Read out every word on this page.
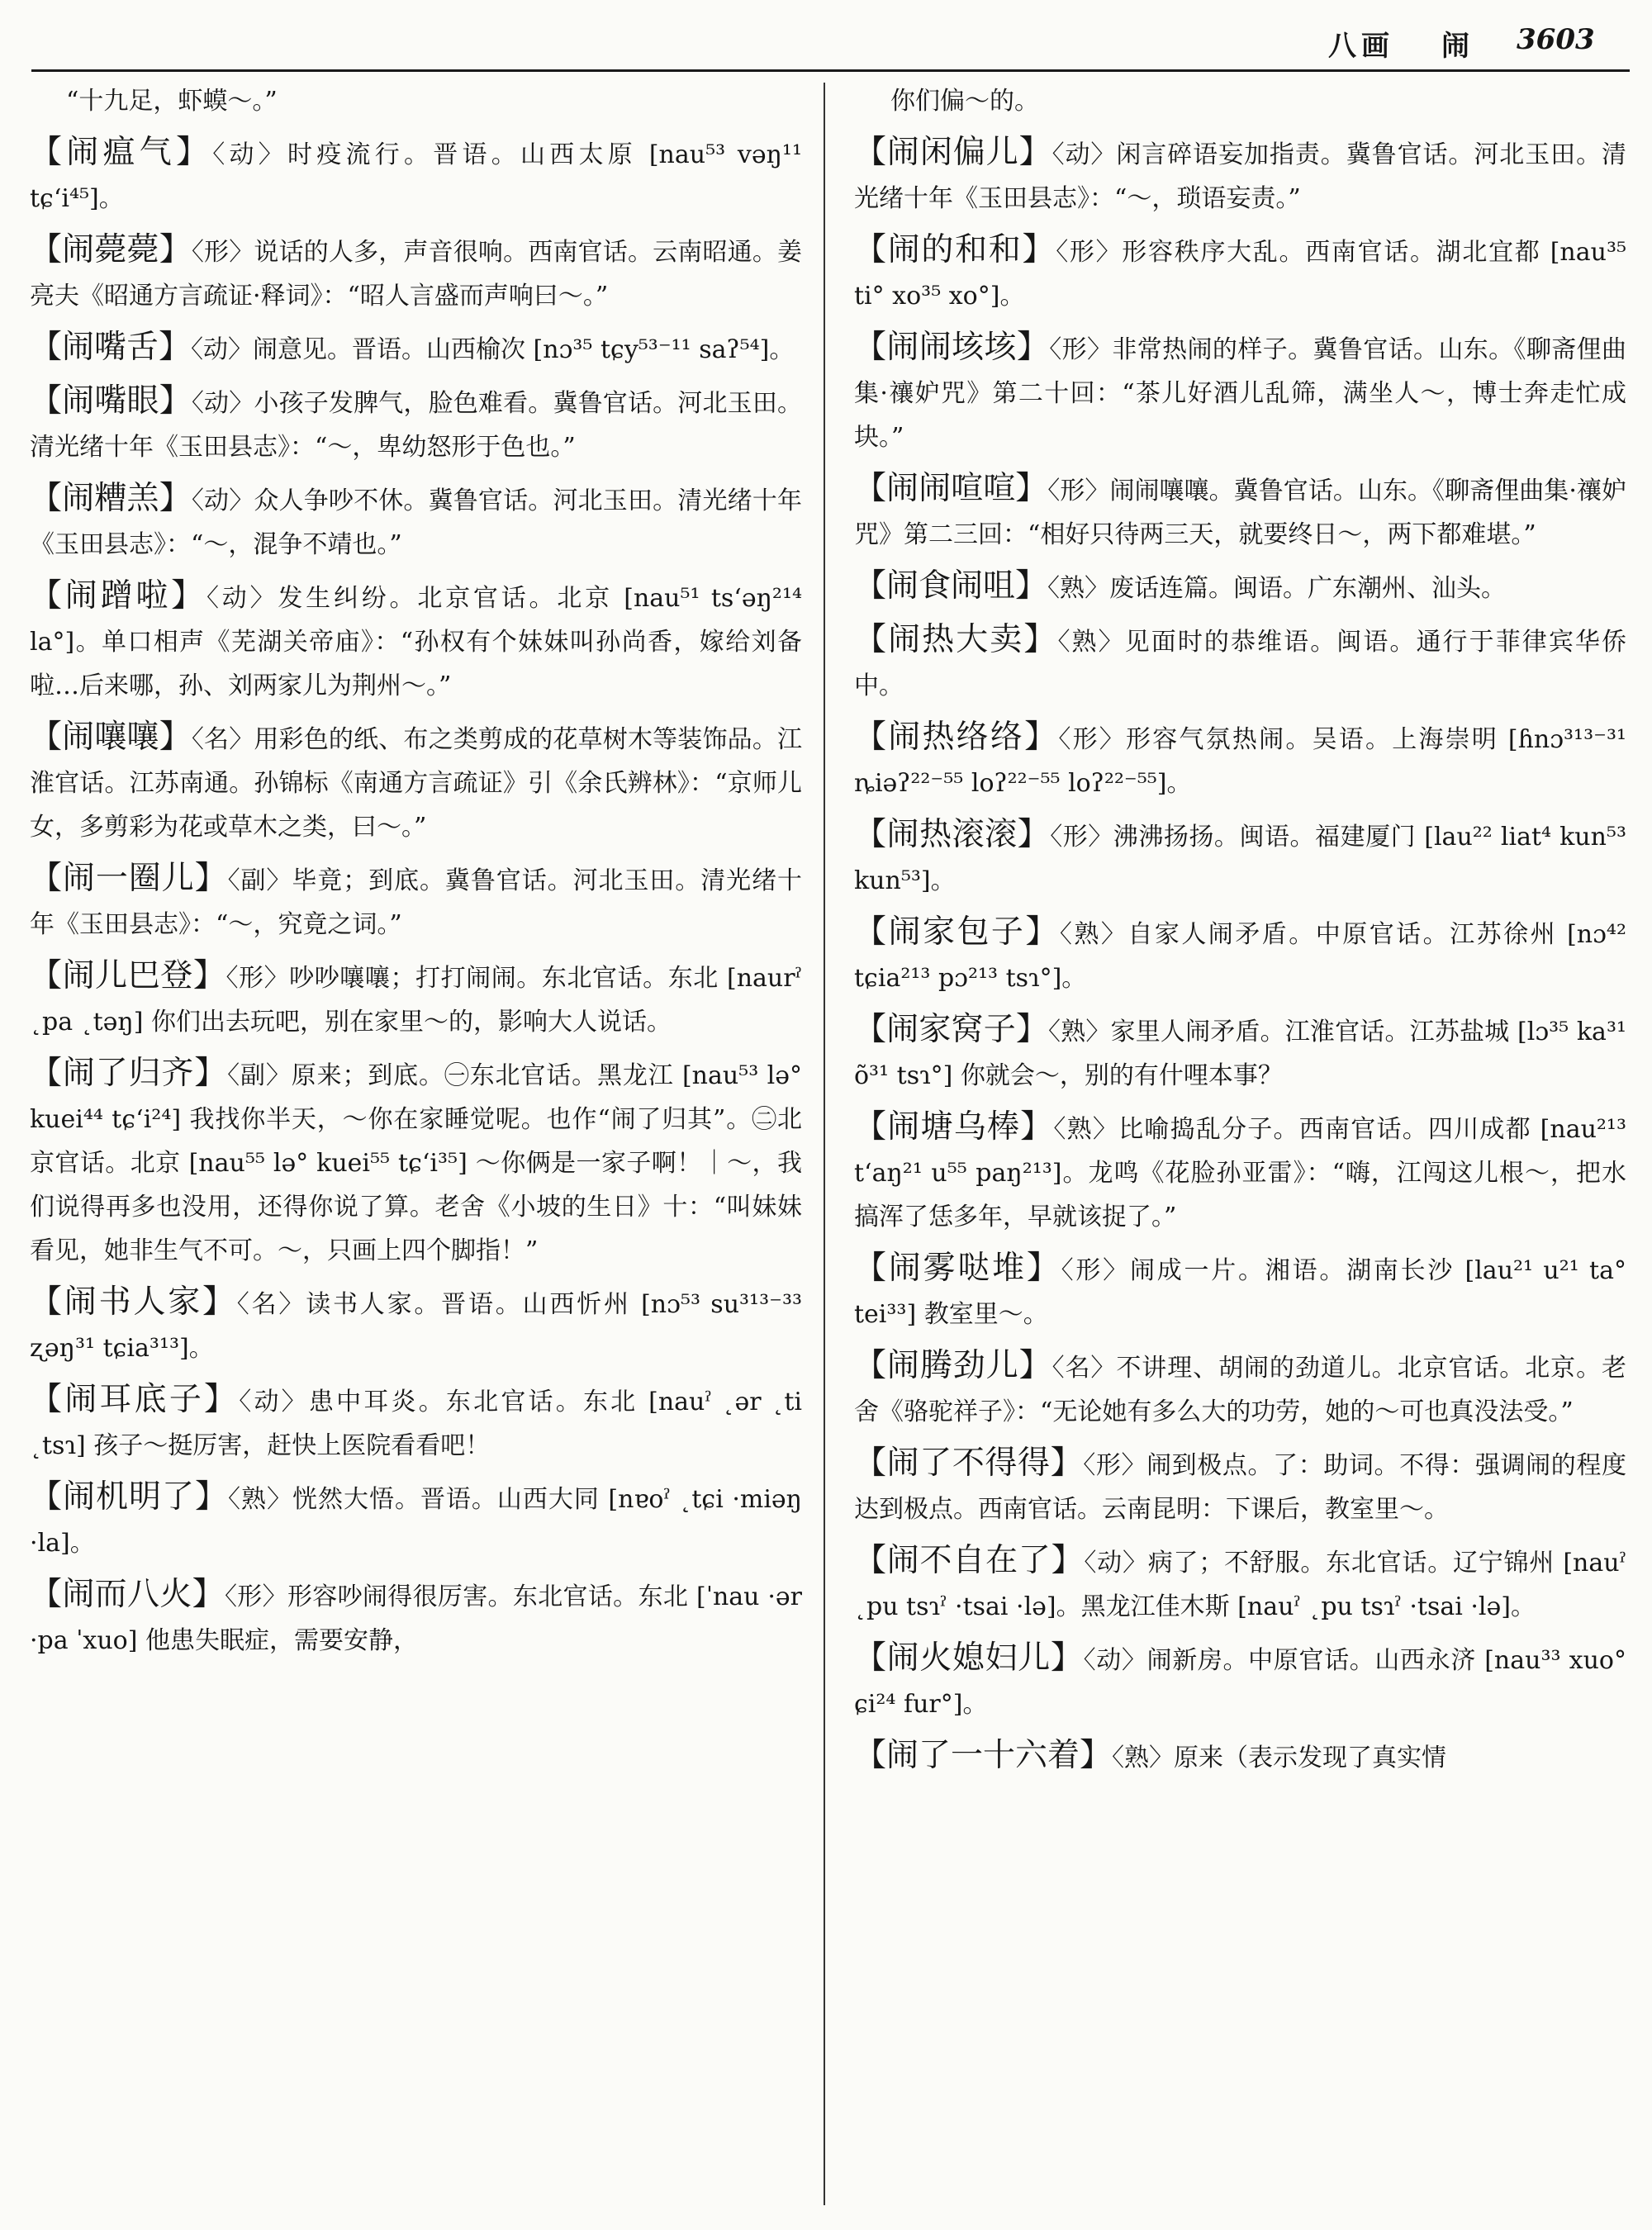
八画 闹 3603

“十九足，虾蟆～。”

【闹瘟气】〈动〉时疫流行。晋语。山西太原 [nau⁵³ vəŋ¹¹ tɕʻi⁴⁵]。

【闹薨薨】〈形〉说话的人多，声音很响。西南官话。云南昭通。姜亮夫《昭通方言疏证·释词》：“昭人言盛而声响曰～。”

【闹嘴舌】〈动〉闹意见。晋语。山西榆次 [nɔ³⁵ tɕy⁵³⁻¹¹ saʔ⁵⁴]。

【闹嘴眼】〈动〉小孩子发脾气，脸色难看。冀鲁官话。河北玉田。清光绪十年《玉田县志》：“～，卑幼怒形于色也。”

【闹糟羔】〈动〉众人争吵不休。冀鲁官话。河北玉田。清光绪十年《玉田县志》：“～，混争不靖也。”

【闹蹭啦】〈动〉发生纠纷。北京官话。北京 [nau⁵¹ tsʻəŋ²¹⁴ la°]。单口相声《芜湖关帝庙》：“孙权有个妹妹叫孙尚香，嫁给刘备啦…后来哪，孙、刘两家儿为荆州～。”

【闹嚷嚷】〈名〉用彩色的纸、布之类剪成的花草树木等装饰品。江淮官话。江苏南通。孙锦标《南通方言疏证》引《余氏辨林》：“京师儿女，多剪彩为花或草木之类，曰～。”

【闹一圈儿】〈副〉毕竟；到底。冀鲁官话。河北玉田。清光绪十年《玉田县志》：“～，究竟之词。”

【闹儿巴登】〈形〉吵吵嚷嚷；打打闹闹。东北官话。东北 [naurˀ ˛pa ˛təŋ] 你们出去玩吧，别在家里～的，影响大人说话。

【闹了归齐】〈副〉原来；到底。㊀东北官话。黑龙江 [nau⁵³ lə° kuei⁴⁴ tɕʻi²⁴] 我找你半天，～你在家睡觉呢。也作“闹了归其”。㊁北京官话。北京 [nau⁵⁵ lə° kuei⁵⁵ tɕʻi³⁵] ～你俩是一家子啊！｜～，我们说得再多也没用，还得你说了算。老舍《小坡的生日》十：“叫妹妹看见，她非生气不可。～，只画上四个脚指！”

【闹书人家】〈名〉读书人家。晋语。山西忻州 [nɔ⁵³ su³¹³⁻³³ ʐəŋ³¹ tɕia³¹³]。

【闹耳底子】〈动〉患中耳炎。东北官话。东北 [nauˀ ˛ər ˛ti ˛tsɿ] 孩子～挺厉害，赶快上医院看看吧！

【闹机明了】〈熟〉恍然大悟。晋语。山西大同 [nɐoˀ ˛tɕi ·miəŋ ·la]。

【闹而八火】〈形〉形容吵闹得很厉害。东北官话。东北 [ˈnau ·ər ·pa ˈxuo] 他患失眠症，需要安静，

你们偏～的。

【闹闲偏儿】〈动〉闲言碎语妄加指责。冀鲁官话。河北玉田。清光绪十年《玉田县志》：“～，琐语妄责。”

【闹的和和】〈形〉形容秩序大乱。西南官话。湖北宜都 [nau³⁵ ti° xo³⁵ xo°]。

【闹闹垓垓】〈形〉非常热闹的样子。冀鲁官话。山东。《聊斋俚曲集·禳妒咒》第二十回：“茶儿好酒儿乱筛，满坐人～，博士奔走忙成块。”

【闹闹喧喧】〈形〉闹闹嚷嚷。冀鲁官话。山东。《聊斋俚曲集·禳妒咒》第二三回：“相好只待两三天，就要终日～，两下都难堪。”

【闹食闹咀】〈熟〉废话连篇。闽语。广东潮州、汕头。

【闹热大卖】〈熟〉见面时的恭维语。闽语。通行于菲律宾华侨中。

【闹热络络】〈形〉形容气氛热闹。吴语。上海崇明 [ɦnɔ³¹³⁻³¹ ȵiəʔ²²⁻⁵⁵ loʔ²²⁻⁵⁵ loʔ²²⁻⁵⁵]。

【闹热滚滚】〈形〉沸沸扬扬。闽语。福建厦门 [lau²² liat⁴ kun⁵³ kun⁵³]。

【闹家包子】〈熟〉自家人闹矛盾。中原官话。江苏徐州 [nɔ⁴² tɕia²¹³ pɔ²¹³ tsɿ°]。

【闹家窝子】〈熟〉家里人闹矛盾。江淮官话。江苏盐城 [lɔ³⁵ ka³¹ õ³¹ tsɿ°] 你就会～，别的有什哩本事？

【闹塘乌棒】〈熟〉比喻捣乱分子。西南官话。四川成都 [nau²¹³ tʻaŋ²¹ u⁵⁵ paŋ²¹³]。龙鸣《花脸孙亚雷》：“嗨，江闯这儿根～，把水搞浑了恁多年，早就该捉了。”

【闹雾哒堆】〈形〉闹成一片。湘语。湖南长沙 [lau²¹ u²¹ ta° tei³³] 教室里～。

【闹腾劲儿】〈名〉不讲理、胡闹的劲道儿。北京官话。北京。老舍《骆驼祥子》：“无论她有多么大的功劳，她的～可也真没法受。”

【闹了不得得】〈形〉闹到极点。了：助词。不得：强调闹的程度达到极点。西南官话。云南昆明：下课后，教室里～。

【闹不自在了】〈动〉病了；不舒服。东北官话。辽宁锦州 [nauˀ ˛pu tsɿˀ ·tsai ·lə]。黑龙江佳木斯 [nauˀ ˛pu tsɿˀ ·tsai ·lə]。

【闹火媳妇儿】〈动〉闹新房。中原官话。山西永济 [nau³³ xuo° ɕi²⁴ fur°]。

【闹了一十六着】〈熟〉原来（表示发现了真实情
